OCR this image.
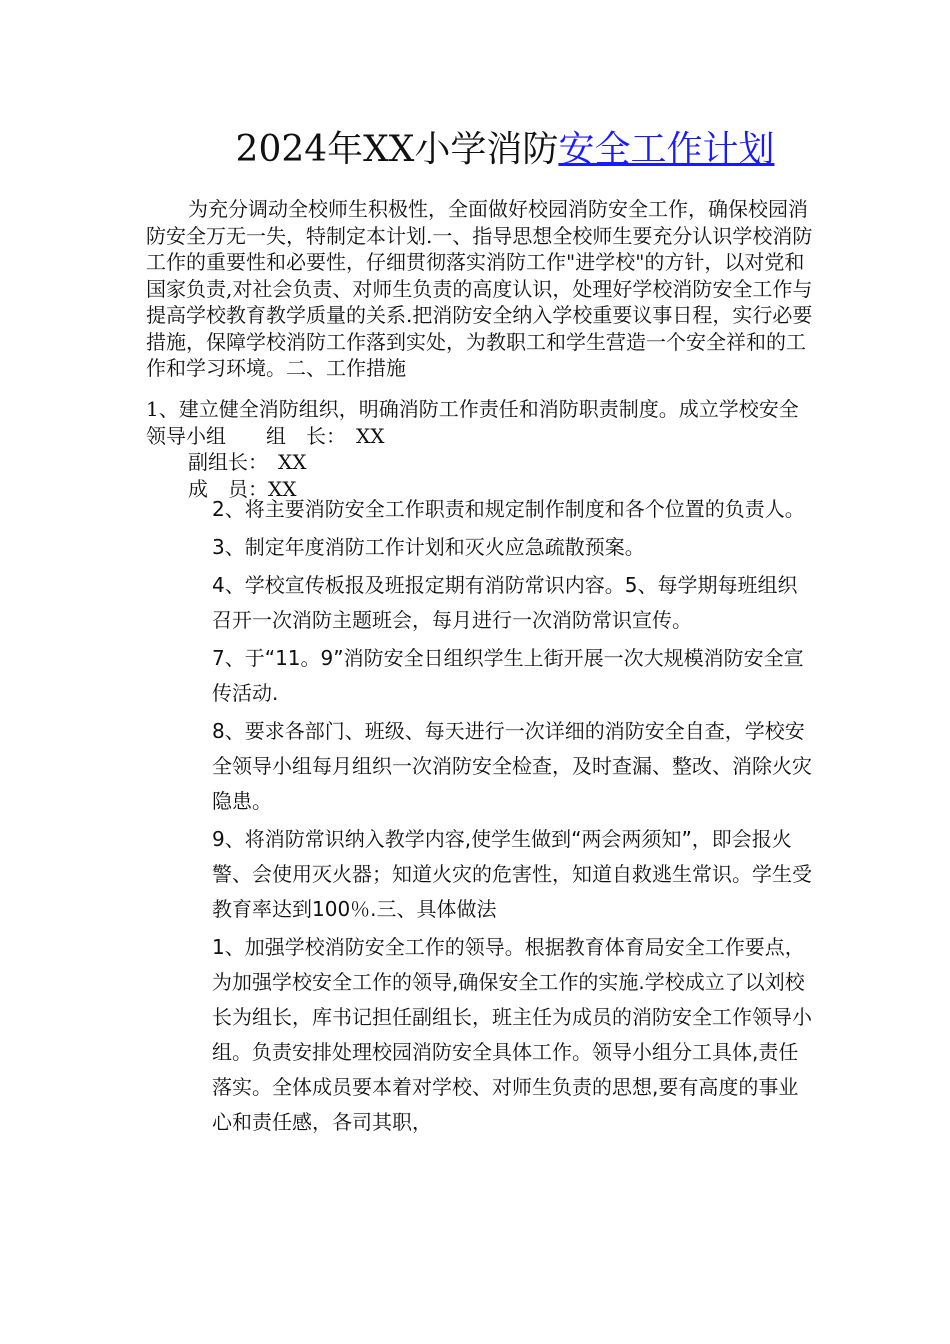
2024年XX小学消防安全工作计划

为充分调动全校师生积极性，全面做好校园消防安全工作，确保校园消防安全万无一失，特制定本计划.一、指导思想全校师生要充分认识学校消防工作的重要性和必要性，仔细贯彻落实消防工作"进学校"的方针，以对党和国家负责,对社会负责、对师生负责的高度认识，处理好学校消防安全工作与提高学校教育教学质量的关系.把消防安全纳入学校重要议事日程，实行必要措施，保障学校消防工作落到实处，为教职工和学生营造一个安全祥和的工作和学习环境。二、工作措施

1、建立健全消防组织，明确消防工作责任和消防职责制度。成立学校安全领导小组　　组　长：　XX

副组长：　XX

成　员：XX

2、将主要消防安全工作职责和规定制作制度和各个位置的负责人。

3、制定年度消防工作计划和灭火应急疏散预案。

4、学校宣传板报及班报定期有消防常识内容。5、每学期每班组织召开一次消防主题班会，每月进行一次消防常识宣传。

7、于“11。9”消防安全日组织学生上街开展一次大规模消防安全宣传活动.

8、要求各部门、班级、每天进行一次详细的消防安全自查，学校安全领导小组每月组织一次消防安全检查，及时查漏、整改、消除火灾隐患。

9、将消防常识纳入教学内容,使学生做到“两会两须知”，即会报火警、会使用灭火器；知道火灾的危害性，知道自救逃生常识。学生受教育率达到100％.三、具体做法

1、加强学校消防安全工作的领导。根据教育体育局安全工作要点，为加强学校安全工作的领导,确保安全工作的实施.学校成立了以刘校长为组长，库书记担任副组长，班主任为成员的消防安全工作领导小组。负责安排处理校园消防安全具体工作。领导小组分工具体,责任落实。全体成员要本着对学校、对师生负责的思想,要有高度的事业心和责任感，各司其职，
